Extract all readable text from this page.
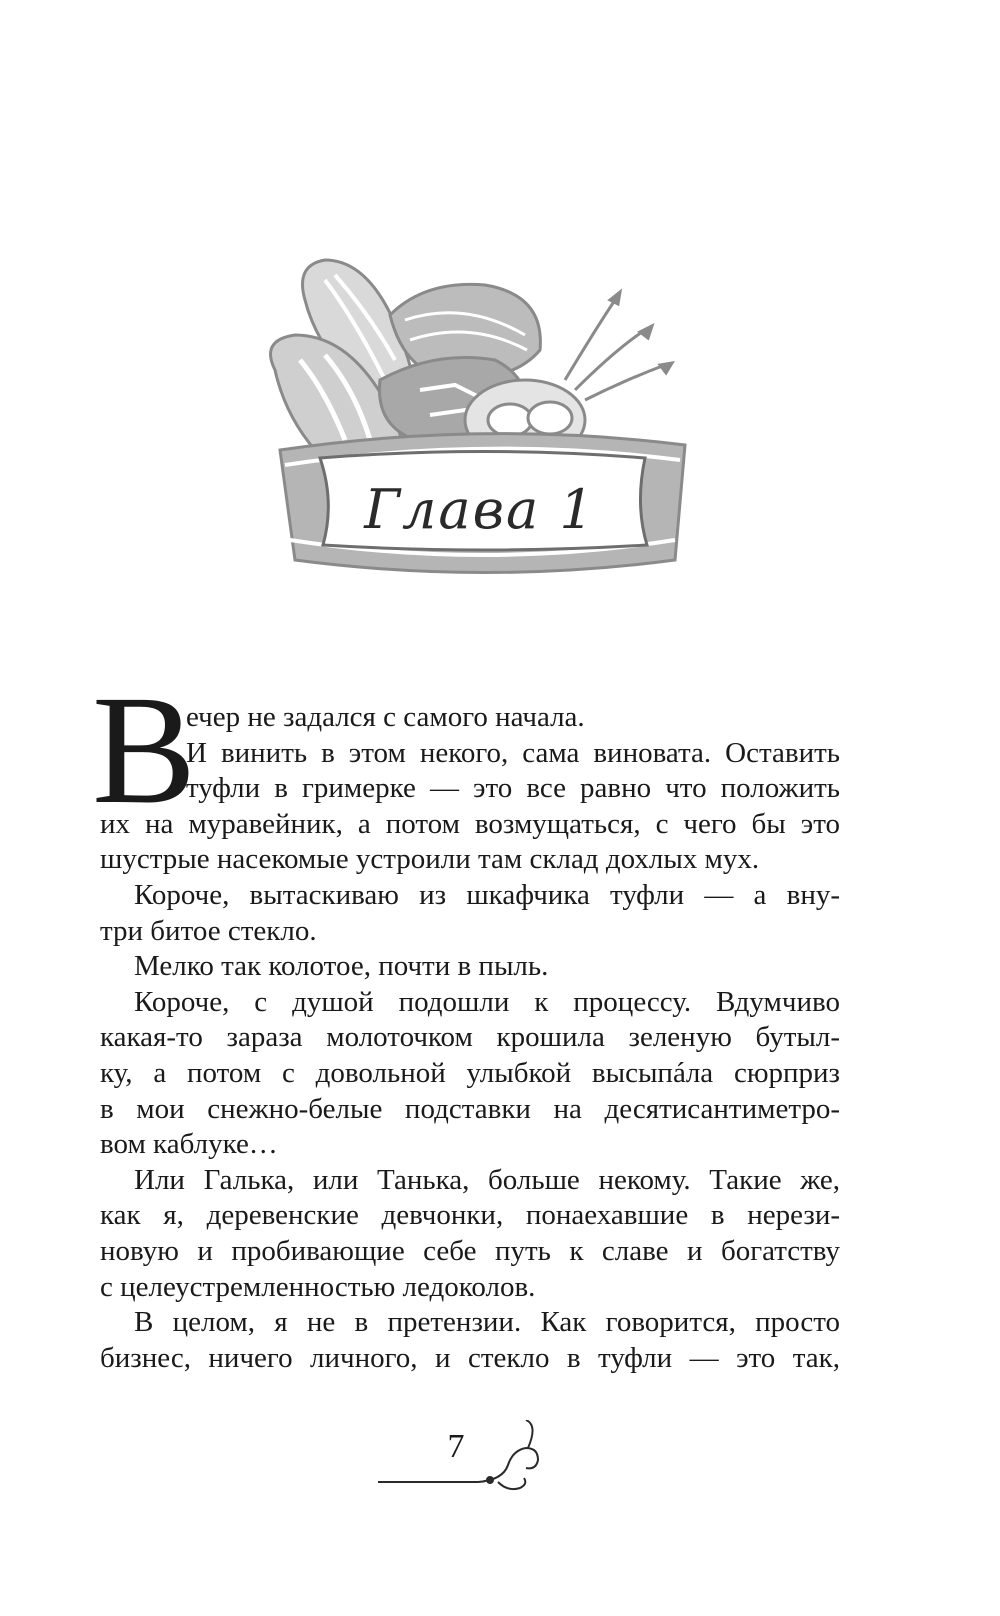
Глава 1
В

ечер не задался с самого начала.

И винить в этом некого, сама виновата. Оставить

туфли в гримерке — это все равно что положить

их на муравейник, а потом возмущаться, с чего бы это

шустрые насекомые устроили там склад дохлых мух.

Короче, вытаскиваю из шкафчика туфли — а вну-

три битое стекло.

Мелко так колотое, почти в пыль.

Короче, с душой подошли к процессу. Вдумчиво

какая-то зараза молоточком крошила зеленую бутыл-

ку, а потом с довольной улыбкой высыпáла сюрприз

в мои снежно-белые подставки на десятисантиметро-

вом каблуке…

Или Галька, или Танька, больше некому. Такие же,

как я, деревенские девчонки, понаехавшие в нерези-

новую и пробивающие себе путь к славе и богатству

с целеустремленностью ледоколов.

В целом, я не в претензии. Как говорится, просто

бизнес, ничего личного, и стекло в туфли — это так,

7
